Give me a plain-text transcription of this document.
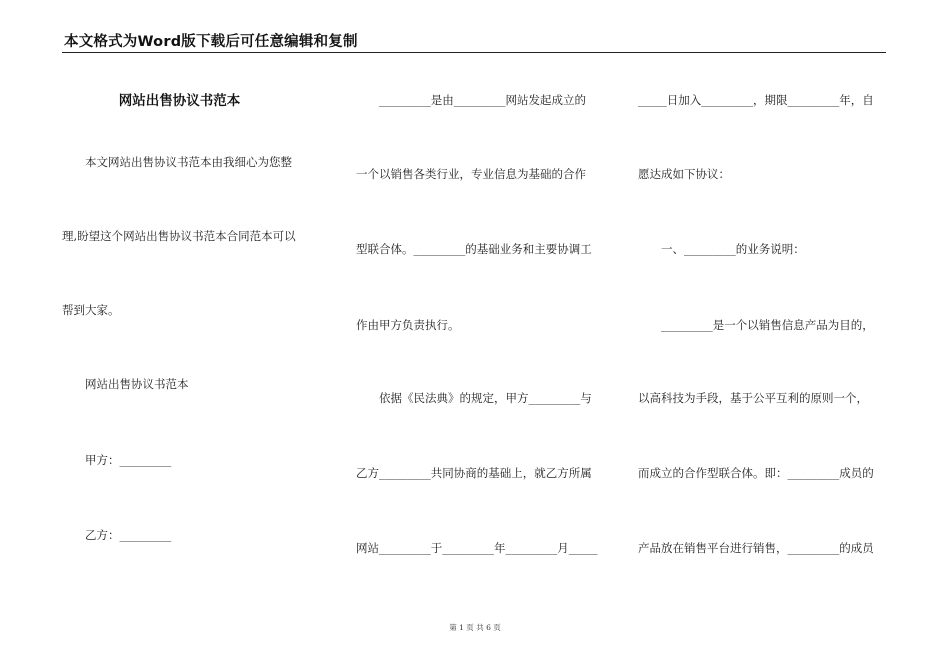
本文格式为Word版下载后可任意编辑和复制
网站出售协议书范本
　　本文网站出售协议书范本由我细心为您整
理,盼望这个网站出售协议书范本合同范本可以
帮到大家。
　　网站出售协议书范本
　　甲方：_________
　　乙方：_________
　　_________是由_________网站发起成立的
一个以销售各类行业，专业信息为基础的合作
型联合体。_________的基础业务和主要协调工
作由甲方负责执行。
　　依据《民法典》的规定，甲方_________与
乙方_________共同协商的基础上，就乙方所属
网站_________于_________年_________月_____
_____日加入_________，期限_________年，自
愿达成如下协议：
　　一、_________的业务说明：
　　_________是一个以销售信息产品为目的，
以高科技为手段，基于公平互利的原则一个，
而成立的合作型联合体。即：_________成员的
产品放在销售平台进行销售，_________的成员
第 1 页 共 6 页
